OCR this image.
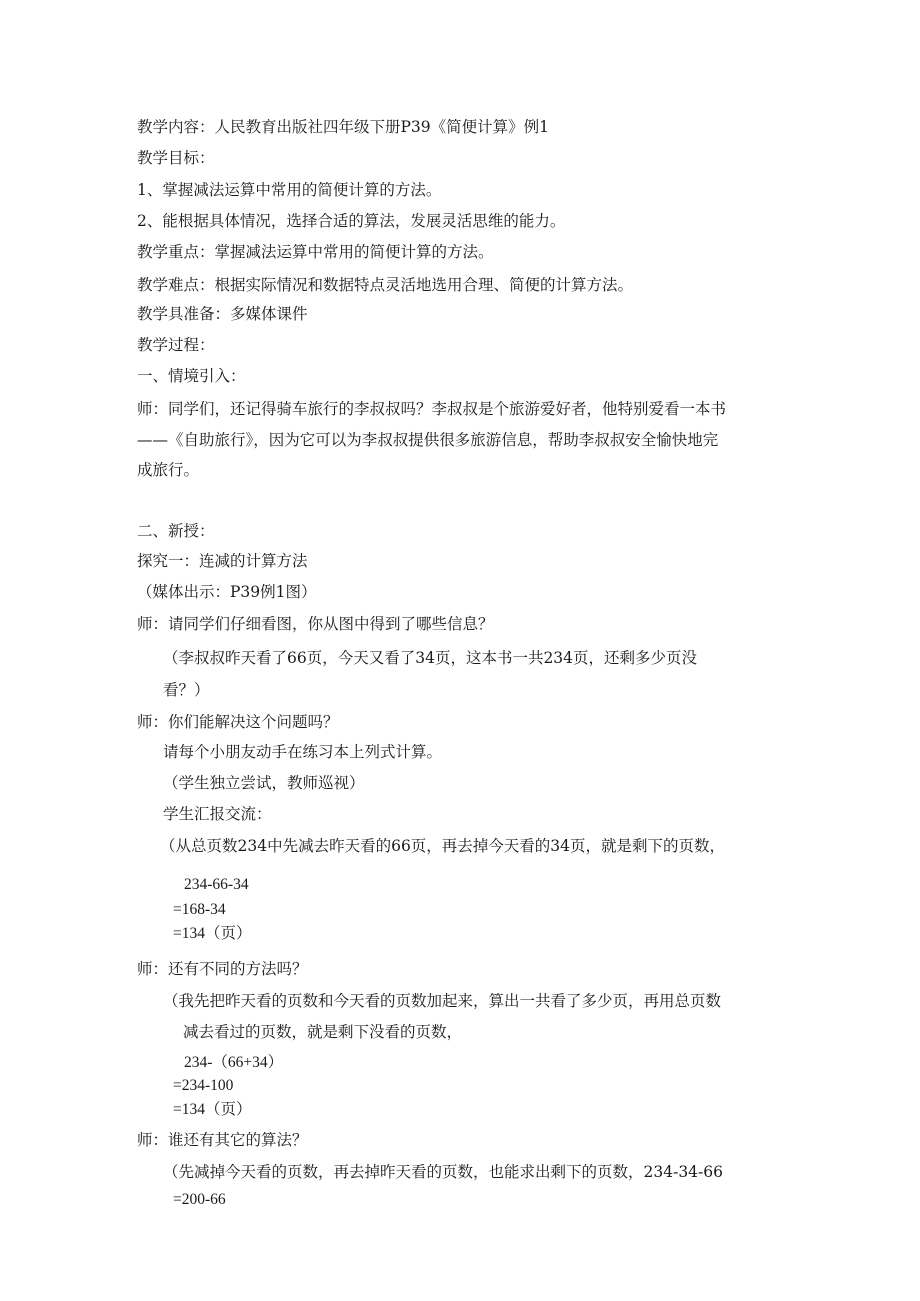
教学内容：人民教育出版社四年级下册P39《简便计算》例1
教学目标：
1、掌握减法运算中常用的简便计算的方法。
2、能根据具体情况，选择合适的算法，发展灵活思维的能力。
教学重点：掌握减法运算中常用的简便计算的方法。
教学难点：根据实际情况和数据特点灵活地选用合理、简便的计算方法。
教学具准备：多媒体课件
教学过程：
一、情境引入：
师：同学们，还记得骑车旅行的李叔叔吗？李叔叔是个旅游爱好者，他特别爱看一本书
——《自助旅行》，因为它可以为李叔叔提供很多旅游信息，帮助李叔叔安全愉快地完
成旅行。
二、新授：
探究一：连减的计算方法
（媒体出示：P39例1图）
师：请同学们仔细看图，你从图中得到了哪些信息？
（李叔叔昨天看了66页，今天又看了34页，这本书一共234页，还剩多少页没
看？）
师：你们能解决这个问题吗？
请每个小朋友动手在练习本上列式计算。
（学生独立尝试，教师巡视）
学生汇报交流：
（从总页数234中先减去昨天看的66页，再去掉今天看的34页，就是剩下的页数，
234-66-34
=168-34
=134（页）
师：还有不同的方法吗？
（我先把昨天看的页数和今天看的页数加起来，算出一共看了多少页，再用总页数
减去看过的页数，就是剩下没看的页数，
234-（66+34）
=234-100
=134（页）
师：谁还有其它的算法？
（先减掉今天看的页数，再去掉昨天看的页数，也能求出剩下的页数，234-34-66
=200-66
